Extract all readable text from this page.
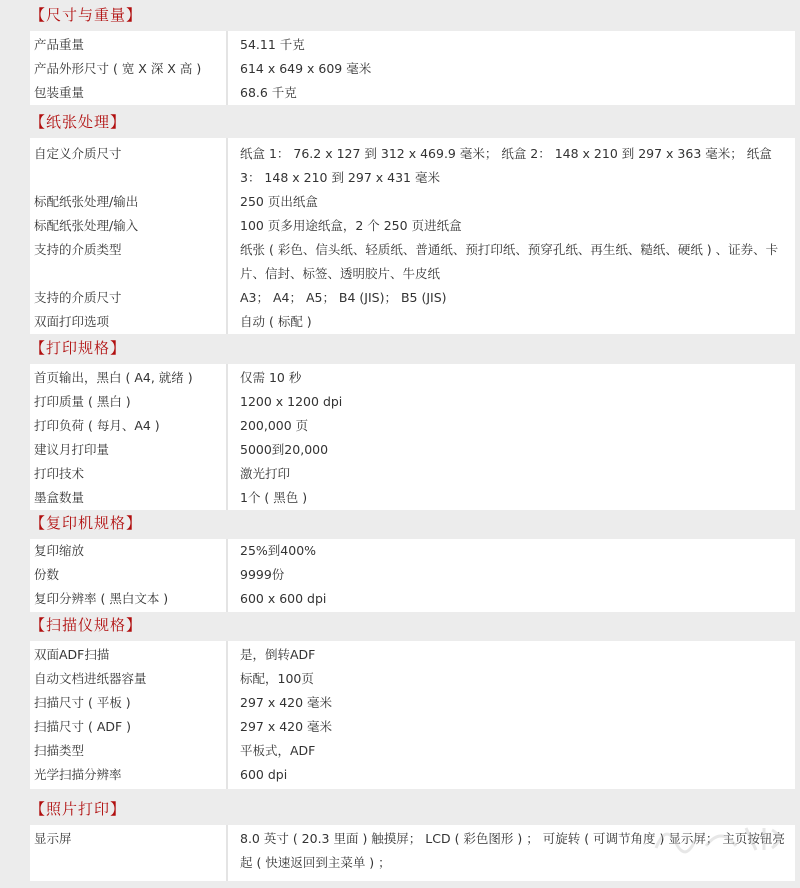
【尺寸与重量】
产品重量	54.11 千克
产品外形尺寸 ( 宽 X 深 X 高 )	614 x 649 x 609 毫米
包装重量	68.6 千克
【纸张处理】
自定义介质尺寸	纸盒 1： 76.2 x 127 到 312 x 469.9 毫米； 纸盒 2： 148 x 210 到 297 x 363 毫米； 纸盒 3： 148 x 210 到 297 x 431 毫米
标配纸张处理/输出	250 页出纸盒
标配纸张处理/输入	100 页多用途纸盒，2 个 250 页进纸盒
支持的介质类型	纸张 ( 彩色、信头纸、轻质纸、普通纸、预打印纸、预穿孔纸、再生纸、糙纸、硬纸 ) 、证券、卡片、信封、标签、透明胶片、牛皮纸
支持的介质尺寸	A3； A4； A5； B4 (JIS)； B5 (JIS)
双面打印选项	自动 ( 标配 )
【打印规格】
首页输出，黑白 ( A4, 就绪 )	仅需 10 秒
打印质量 ( 黑白 )	1200 x 1200 dpi
打印负荷 ( 每月、A4 )	200,000 页
建议月打印量	5000到20,000
打印技术	激光打印
墨盒数量	1个 ( 黑色 )
【复印机规格】
复印缩放	25%到400%
份数	9999份
复印分辨率 ( 黑白文本 )	600 x 600 dpi
【扫描仪规格】
双面ADF扫描	是，倒转ADF
自动文档进纸器容量	标配，100页
扫描尺寸 ( 平板 )	297 x 420 毫米
扫描尺寸 ( ADF )	297 x 420 毫米
扫描类型	平板式，ADF
光学扫描分辨率	600 dpi
【照片打印】
显示屏	8.0 英寸 ( 20.3 里面 ) 触摸屏； LCD ( 彩色图形 ) ； 可旋转 ( 可调节角度 ) 显示屏； 主页按钮亮起 ( 快速返回到主菜单 ) ；
